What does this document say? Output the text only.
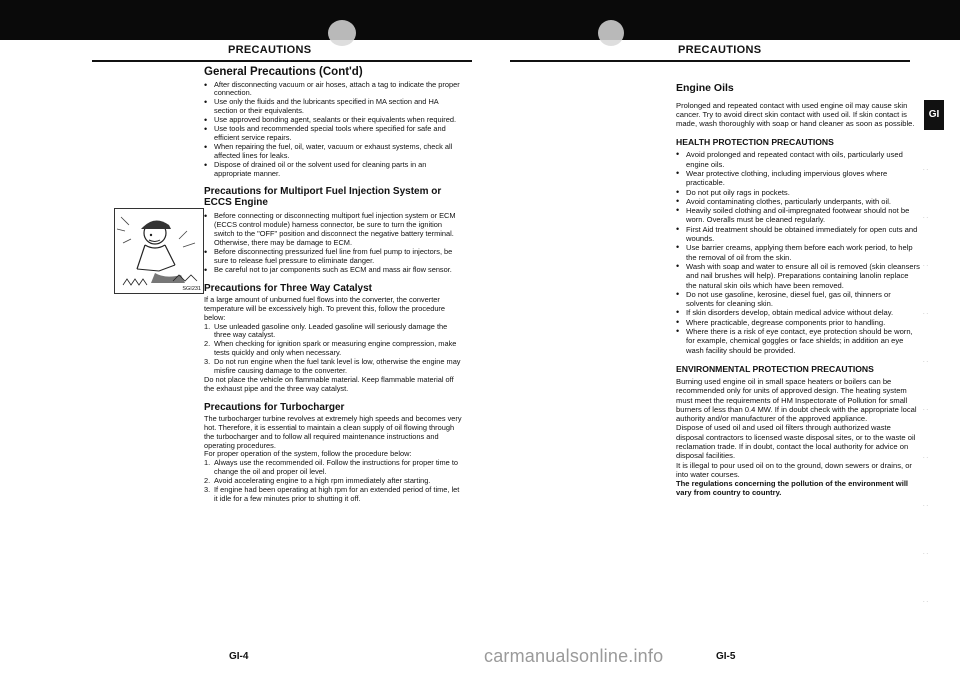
PRECAUTIONS
General Precautions (Cont'd)
• After disconnecting vacuum or air hoses, attach a tag to indicate the proper connection.
• Use only the fluids and the lubricants specified in MA section and HA section or their equivalents.
• Use approved bonding agent, sealants or their equivalents when required.
• Use tools and recommended special tools where specified for safe and efficient service repairs.
• When repairing the fuel, oil, water, vacuum or exhaust systems, check all affected lines for leaks.
• Dispose of drained oil or the solvent used for cleaning parts in an appropriate manner.
Precautions for Multiport Fuel Injection System or ECCS Engine
• Before connecting or disconnecting multiport fuel injection system or ECM (ECCS control module) harness connector, be sure to turn the ignition switch to the "OFF" position and disconnect the negative battery terminal. Otherwise, there may be damage to ECM.
• Before disconnecting pressurized fuel line from fuel pump to injectors, be sure to release fuel pressure to eliminate danger.
• Be careful not to jar components such as ECM and mass air flow sensor.
Precautions for Three Way Catalyst

If a large amount of unburned fuel flows into the converter, the converter temperature will be excessively high. To prevent this, follow the procedure below:

1. Use unleaded gasoline only. Leaded gasoline will seriously damage the three way catalyst.
2. When checking for ignition spark or measuring engine compression, make tests quickly and only when necessary.
3. Do not run engine when the fuel tank level is low, otherwise the engine may misfire causing damage to the converter.

Do not place the vehicle on flammable material. Keep flammable material off the exhaust pipe and the three way catalyst.

Precautions for Turbocharger

The turbocharger turbine revolves at extremely high speeds and becomes very hot. Therefore, it is essential to maintain a clean supply of oil flowing through the turbocharger and to follow all required maintenance instructions and operating procedures.

For proper operation of the system, follow the procedure below:

1. Always use the recommended oil. Follow the instructions for proper time to change the oil and proper oil level.
2. Avoid accelerating engine to a high rpm immediately after starting.
3. If engine had been operating at high rpm for an extended period of time, let it idle for a few minutes prior to shutting it off.
SGI231
GI-4
PRECAUTIONS
Engine Oils

Prolonged and repeated contact with used engine oil may cause skin cancer. Try to avoid direct skin contact with used oil. If skin contact is made, wash thoroughly with soap or hand cleaner as soon as possible.

HEALTH PROTECTION PRECAUTIONS
• Avoid prolonged and repeated contact with oils, particularly used engine oils.
• Wear protective clothing, including impervious gloves where practicable.
• Do not put oily rags in pockets.
• Avoid contaminating clothes, particularly underpants, with oil.
• Heavily soiled clothing and oil-impregnated footwear should not be worn. Overalls must be cleaned regularly.
• First Aid treatment should be obtained immediately for open cuts and wounds.
• Use barrier creams, applying them before each work period, to help the removal of oil from the skin.
• Wash with soap and water to ensure all oil is removed (skin cleansers and nail brushes will help). Preparations containing lanolin replace the natural skin oils which have been removed.
• Do not use gasoline, kerosine, diesel fuel, gas oil, thinners or solvents for cleaning skin.
• If skin disorders develop, obtain medical advice without delay.
• Where practicable, degrease components prior to handling.
• Where there is a risk of eye contact, eye protection should be worn, for example, chemical goggles or face shields; in addition an eye wash facility should be provided.
ENVIRONMENTAL PROTECTION PRECAUTIONS

Burning used engine oil in small space heaters or boilers can be recommended only for units of approved design. The heating system must meet the requirements of HM Inspectorate of Pollution for small burners of less than 0.4 MW. If in doubt check with the appropriate local authority and/or manufacturer of the approved appliance.

Dispose of used oil and used oil filters through authorized waste disposal contractors to licensed waste disposal sites, or to the waste oil reclamation trade. If in doubt, contact the local authority for advice on disposal facilities.

It is illegal to pour used oil on to the ground, down sewers or drains, or into water courses.

The regulations concerning the pollution of the environment will vary from country to country.

GI
. .
. .
. .
. .
. .
. .
. .
. .
. .
. .
GI-5
carmanualsonline.info
